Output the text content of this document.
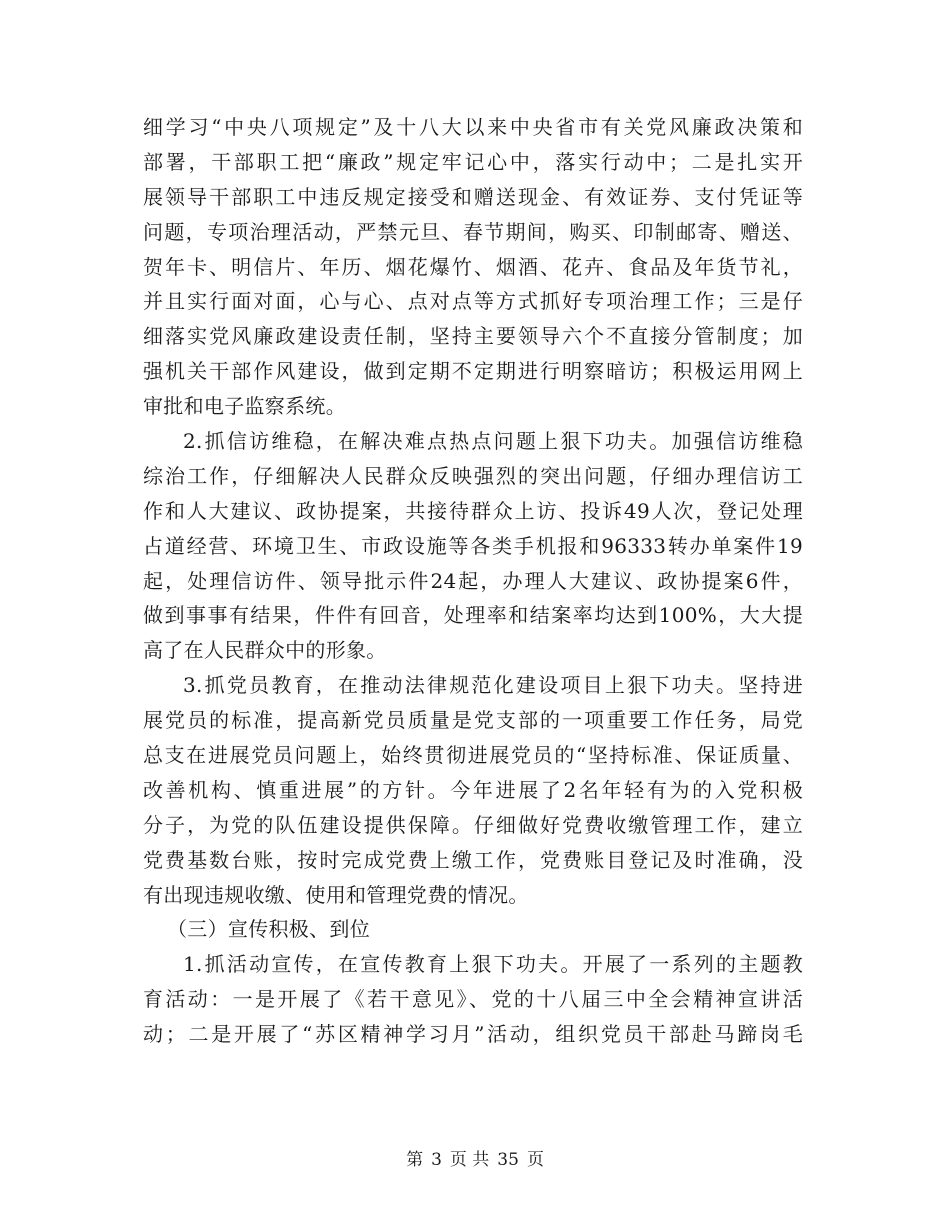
细学习“中央八项规定”及十八大以来中央省市有关党风廉政决策和
部署，干部职工把“廉政”规定牢记心中，落实行动中；二是扎实开
展领导干部职工中违反规定接受和赠送现金、有效证券、支付凭证等
问题，专项治理活动，严禁元旦、春节期间，购买、印制邮寄、赠送、
贺年卡、明信片、年历、烟花爆竹、烟酒、花卉、食品及年货节礼，
并且实行面对面，心与心、点对点等方式抓好专项治理工作；三是仔
细落实党风廉政建设责任制，坚持主要领导六个不直接分管制度；加
强机关干部作风建设，做到定期不定期进行明察暗访；积极运用网上
审批和电子监察系统。
2.抓信访维稳，在解决难点热点问题上狠下功夫。加强信访维稳
综治工作，仔细解决人民群众反映强烈的突出问题，仔细办理信访工
作和人大建议、政协提案，共接待群众上访、投诉49人次，登记处理
占道经营、环境卫生、市政设施等各类手机报和96333转办单案件19
起，处理信访件、领导批示件24起，办理人大建议、政协提案6件，
做到事事有结果，件件有回音，处理率和结案率均达到100%，大大提
高了在人民群众中的形象。
3.抓党员教育，在推动法律规范化建设项目上狠下功夫。坚持进
展党员的标准，提高新党员质量是党支部的一项重要工作任务，局党
总支在进展党员问题上，始终贯彻进展党员的“坚持标准、保证质量、
改善机构、慎重进展”的方针。今年进展了2名年轻有为的入党积极
分子，为党的队伍建设提供保障。仔细做好党费收缴管理工作，建立
党费基数台账，按时完成党费上缴工作，党费账目登记及时准确，没
有出现违规收缴、使用和管理党费的情况。
（三）宣传积极、到位
1.抓活动宣传，在宣传教育上狠下功夫。开展了一系列的主题教
育活动：一是开展了《若干意见》、党的十八届三中全会精神宣讲活
动；二是开展了“苏区精神学习月”活动，组织党员干部赴马蹄岗毛
第 3 页 共 35 页
